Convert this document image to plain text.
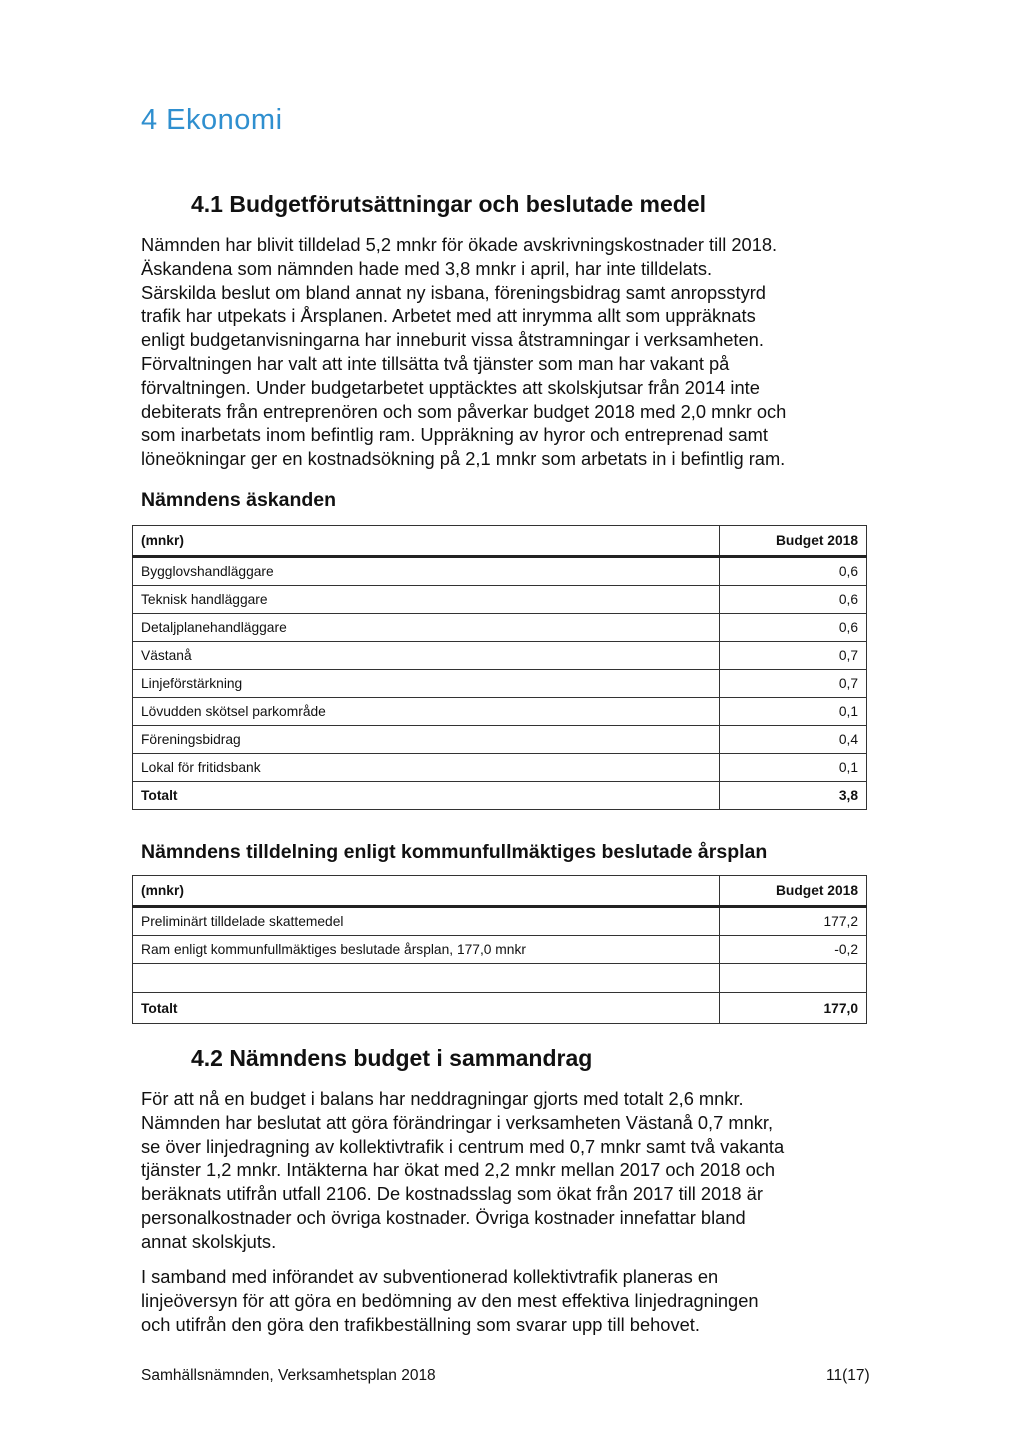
4 Ekonomi
4.1 Budgetförutsättningar och beslutade medel
Nämnden har blivit tilldelad 5,2 mnkr för ökade avskrivningskostnader till 2018.
Äskandena som nämnden hade med 3,8 mnkr i april, har inte tilldelats.
Särskilda beslut om bland annat ny isbana, föreningsbidrag samt anropsstyrd
trafik har utpekats i Årsplanen. Arbetet med att inrymma allt som uppräknats
enligt budgetanvisningarna har inneburit vissa åtstramningar i verksamheten.
Förvaltningen har valt att inte tillsätta två tjänster som man har vakant på
förvaltningen. Under budgetarbetet upptäcktes att skolskjutsar från 2014 inte
debiterats från entreprenören och som påverkar budget 2018 med 2,0 mnkr och
som inarbetats inom befintlig ram. Uppräkning av hyror och entreprenad samt
löneökningar ger en kostnadsökning på 2,1 mnkr som arbetats in i befintlig ram.
Nämndens äskanden
(mnkr)	Budget 2018
Bygglovshandläggare	0,6
Teknisk handläggare	0,6
Detaljplanehandläggare	0,6
Västanå	0,7
Linjeförstärkning	0,7
Lövudden skötsel parkområde	0,1
Föreningsbidrag	0,4
Lokal för fritidsbank	0,1
Totalt	3,8
Nämndens tilldelning enligt kommunfullmäktiges beslutade årsplan
(mnkr)	Budget 2018
Preliminärt tilldelade skattemedel	177,2
Ram enligt kommunfullmäktiges beslutade årsplan, 177,0 mnkr	-0,2

Totalt	177,0
4.2 Nämndens budget i sammandrag
För att nå en budget i balans har neddragningar gjorts med totalt 2,6 mnkr.
Nämnden har beslutat att göra förändringar i verksamheten Västanå 0,7 mnkr,
se över linjedragning av kollektivtrafik i centrum med 0,7 mnkr samt två vakanta
tjänster 1,2 mnkr. Intäkterna har ökat med 2,2 mnkr mellan 2017 och 2018 och
beräknats utifrån utfall 2106. De kostnadsslag som ökat från 2017 till 2018 är
personalkostnader och övriga kostnader. Övriga kostnader innefattar bland
annat skolskjuts.
I samband med införandet av subventionerad kollektivtrafik planeras en
linjeöversyn för att göra en bedömning av den mest effektiva linjedragningen
och utifrån den göra den trafikbeställning som svarar upp till behovet.
Samhällsnämnden, Verksamhetsplan 2018	11(17)
